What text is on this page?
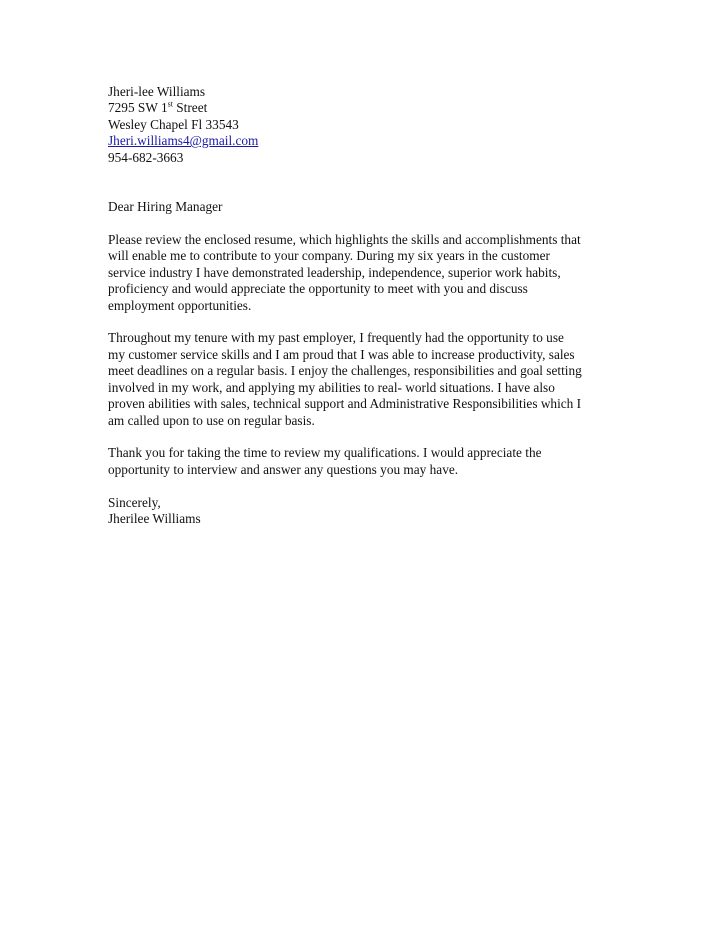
Jheri-lee Williams
7295 SW 1st Street
Wesley Chapel Fl 33543
Jheri.williams4@gmail.com
954-682-3663
Dear Hiring Manager
Please review the enclosed resume, which highlights the skills and accomplishments that
will enable me to contribute to your company. During my six years in the customer
service industry I have demonstrated leadership, independence, superior work habits,
proficiency and would appreciate the opportunity to meet with you and discuss
employment opportunities.
Throughout my tenure with my past employer, I frequently had the opportunity to use
my customer service skills and I am proud that I was able to increase productivity, sales
meet deadlines on a regular basis. I enjoy the challenges, responsibilities and goal setting
involved in my work, and applying my abilities to real- world situations. I have also
proven abilities with sales, technical support and Administrative Responsibilities which I
am called upon to use on regular basis.
Thank you for taking the time to review my qualifications. I would appreciate the
opportunity to interview and answer any questions you may have.
Sincerely,
Jherilee Williams
